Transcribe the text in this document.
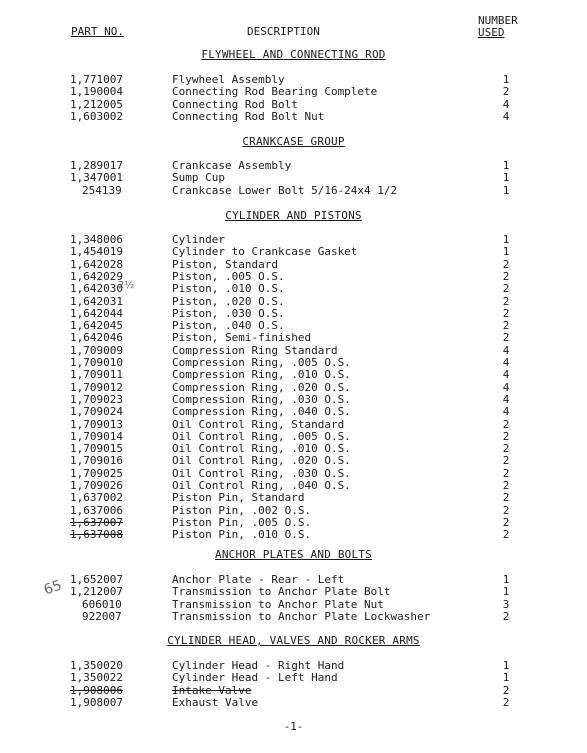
PART NO.	DESCRIPTION
NUMBER
USED
FLYWHEEL AND CONNECTING ROD
1,771007	Flywheel Assembly	1
1,190004	Connecting Rod Bearing Complete	2
1,212005	Connecting Rod Bolt	4
1,603002	Connecting Rod Bolt Nut	4
CRANKCASE GROUP
1,289017	Crankcase Assembly	1
1,347001	Sump Cup	1
254139	Crankcase Lower Bolt 5/16-24x4 1/2	1
CYLINDER AND PISTONS
1,348006	Cylinder	1
1,454019	Cylinder to Crankcase Gasket	1
1,642028	Piston, Standard	2
1,642029	Piston, .005 O.S.	2
1,642030	Piston, .010 O.S.	2
1,642031	Piston, .020 O.S.	2
1,642044	Piston, .030 O.S.	2
1,642045	Piston, .040 O.S.	2
1,642046	Piston, Semi-finished	2
1,709009	Compression Ring Standard	4
1,709010	Compression Ring, .005 O.S.	4
1,709011	Compression Ring, .010 O.S.	4
1,709012	Compression Ring, .020 O.S.	4
1,709023	Compression Ring, .030 O.S.	4
1,709024	Compression Ring, .040 O.S.	4
1,709013	Oil Control Ring, Standard	2
1,709014	Oil Control Ring, .005 O.S.	2
1,709015	Oil Control Ring, .010 O.S.	2
1,709016	Oil Control Ring, .020 O.S.	2
1,709025	Oil Control Ring, .030 O.S.	2
1,709026	Oil Control Ring, .040 O.S.	2
1,637002	Piston Pin, Standard	2
1,637006	Piston Pin, .002 O.S.	2
1,637007	Piston Pin, .005 O.S.	2
1,637008	Piston Pin, .010 O.S.	2
ANCHOR PLATES AND BOLTS
1,652007	Anchor Plate - Rear - Left	1
1,212007	Transmission to Anchor Plate Bolt	1
606010	Transmission to Anchor Plate Nut	3
922007	Transmission to Anchor Plate Lockwasher	2
CYLINDER HEAD, VALVES AND ROCKER ARMS
1,350020	Cylinder Head - Right Hand	1
1,350022	Cylinder Head - Left Hand	1
1,908006	Intake Valve	2
1,908007	Exhaust Valve	2
2½
65
-1-
